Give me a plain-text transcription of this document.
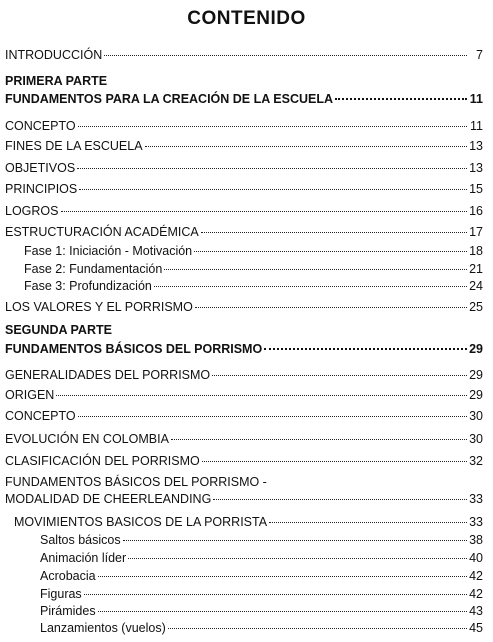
CONTENIDO
INTRODUCCIÓN	7
PRIMERA PARTE
FUNDAMENTOS PARA LA CREACIÓN DE LA ESCUELA	11
CONCEPTO	11
FINES DE LA ESCUELA	13
OBJETIVOS	13
PRINCIPIOS	15
LOGROS	16
ESTRUCTURACIÓN ACADÉMICA	17
Fase 1: Iniciación - Motivación	18
Fase 2: Fundamentación	21
Fase 3: Profundización	24
LOS VALORES Y EL PORRISMO	25
SEGUNDA PARTE
FUNDAMENTOS BÁSICOS DEL PORRISMO	29
GENERALIDADES DEL PORRISMO	29
ORIGEN	29
CONCEPTO	30
EVOLUCIÓN EN COLOMBIA	30
CLASIFICACIÓN DEL PORRISMO	32
FUNDAMENTOS BÁSICOS DEL PORRISMO -
MODALIDAD DE CHEERLEANDING	33
MOVIMIENTOS BASICOS DE LA PORRISTA	33
Saltos básicos	38
Animación líder	40
Acrobacia	42
Figuras	42
Pirámides	43
Lanzamientos (vuelos)	45
